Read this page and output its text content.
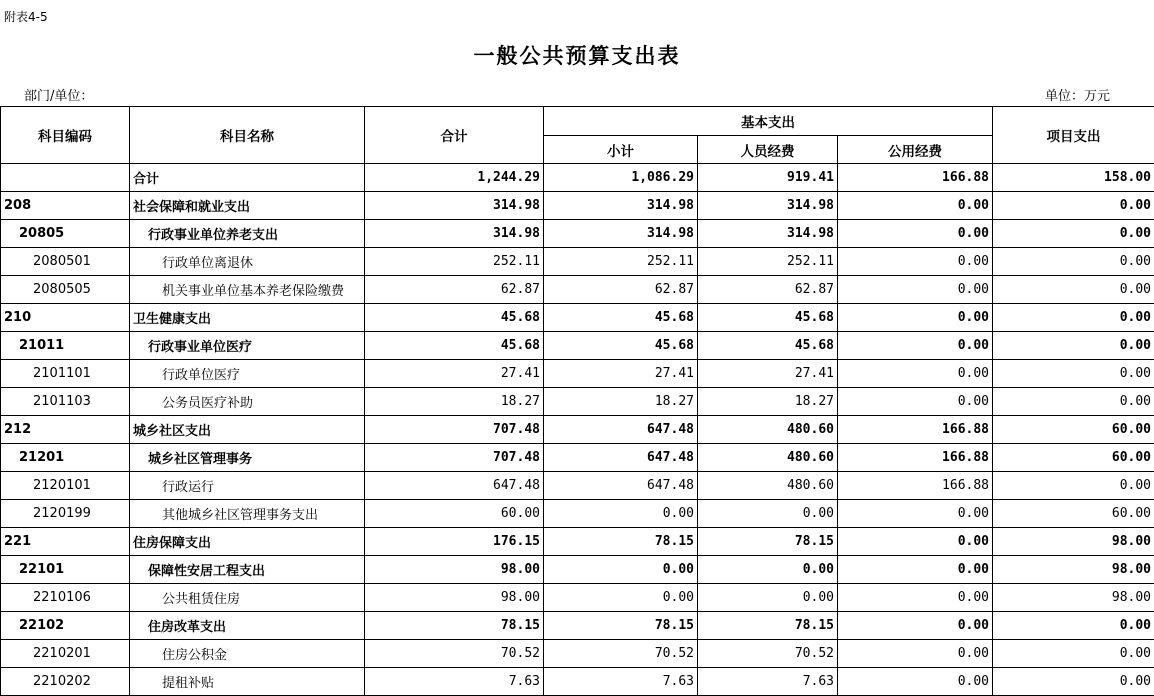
附表4-5
一般公共预算支出表
部门/单位：	单位：万元
科目编码	科目名称	合计	基本支出			项目支出
			小计	人员经费	公用经费	
	合计	1,244.29	1,086.29	919.41	166.88	158.00
208	社会保障和就业支出	314.98	314.98	314.98	0.00	0.00
20805	行政事业单位养老支出	314.98	314.98	314.98	0.00	0.00
2080501	行政单位离退休	252.11	252.11	252.11	0.00	0.00
2080505	机关事业单位基本养老保险缴费	62.87	62.87	62.87	0.00	0.00
210	卫生健康支出	45.68	45.68	45.68	0.00	0.00
21011	行政事业单位医疗	45.68	45.68	45.68	0.00	0.00
2101101	行政单位医疗	27.41	27.41	27.41	0.00	0.00
2101103	公务员医疗补助	18.27	18.27	18.27	0.00	0.00
212	城乡社区支出	707.48	647.48	480.60	166.88	60.00
21201	城乡社区管理事务	707.48	647.48	480.60	166.88	60.00
2120101	行政运行	647.48	647.48	480.60	166.88	0.00
2120199	其他城乡社区管理事务支出	60.00	0.00	0.00	0.00	60.00
221	住房保障支出	176.15	78.15	78.15	0.00	98.00
22101	保障性安居工程支出	98.00	0.00	0.00	0.00	98.00
2210106	公共租赁住房	98.00	0.00	0.00	0.00	98.00
22102	住房改革支出	78.15	78.15	78.15	0.00	0.00
2210201	住房公积金	70.52	70.52	70.52	0.00	0.00
2210202	提租补贴	7.63	7.63	7.63	0.00	0.00
